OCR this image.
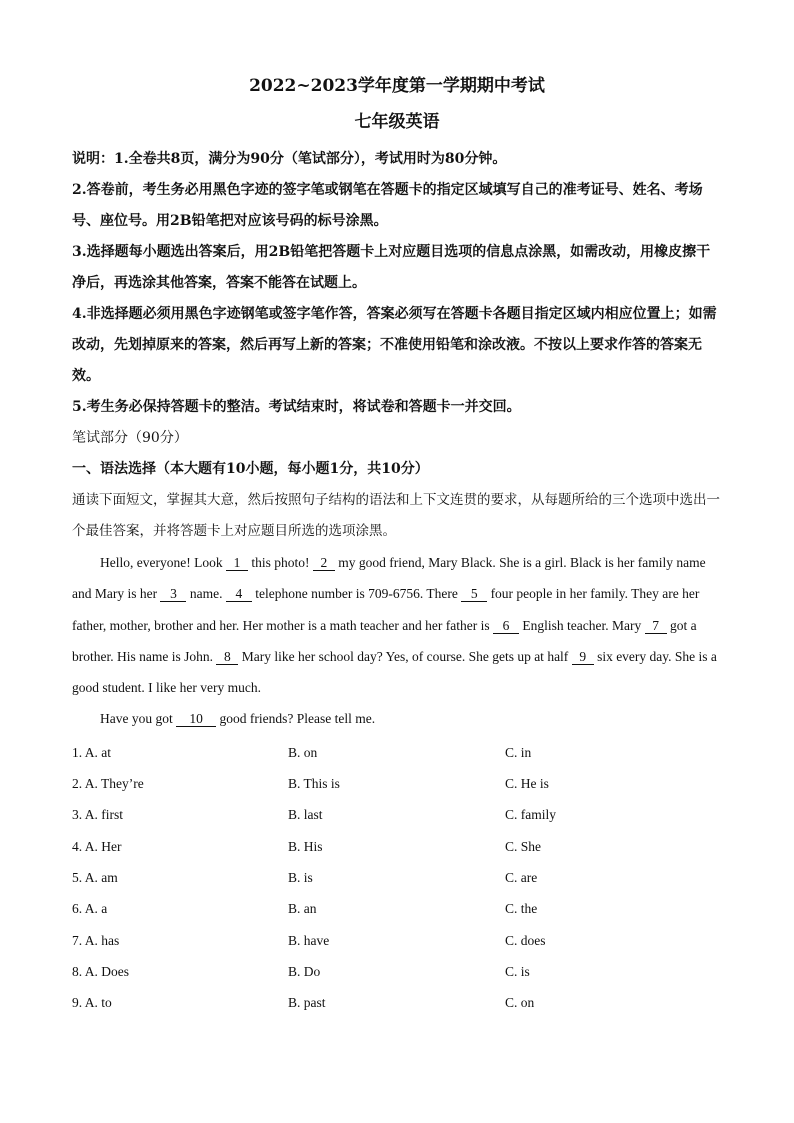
2022~2023学年度第一学期期中考试
七年级英语

说明：1.全卷共8页，满分为90分（笔试部分），考试用时为80分钟。

2.答卷前，考生务必用黑色字迹的签字笔或钢笔在答题卡的指定区域填写自己的准考证号、姓名、考场号、座位号。用2B铅笔把对应该号码的标号涂黑。

3.选择题每小题选出答案后，用2B铅笔把答题卡上对应题目选项的信息点涂黑，如需改动，用橡皮擦干净后，再选涂其他答案，答案不能答在试题上。

4.非选择题必须用黑色字迹钢笔或签字笔作答，答案必须写在答题卡各题目指定区域内相应位置上；如需改动，先划掉原来的答案，然后再写上新的答案；不准使用铅笔和涂改液。不按以上要求作答的答案无效。

5.考生务必保持答题卡的整洁。考试结束时，将试卷和答题卡一并交回。

笔试部分（90分）

一、语法选择（本大题有10小题，每小题1分，共10分）

通读下面短文，掌握其大意，然后按照句子结构的语法和上下文连贯的要求，从每题所给的三个选项中选出一个最佳答案，并将答题卡上对应题目所选的选项涂黑。

Hello, everyone! Look 1 this photo! 2 my good friend, Mary Black. She is a girl. Black is her family name and Mary is her 3 name. 4 telephone number is 709-6756. There 5 four people in her family. They are her father, mother, brother and her. Her mother is a math teacher and her father is 6 English teacher. Mary 7 got a brother. His name is John. 8 Mary like her school day? Yes, of course. She gets up at half 9 six every day. She is a good student. I like her very much.

Have you got 10 good friends? Please tell me.

1. A. at	B. on	C. in
2. A. They’re	B. This is	C. He is
3. A. first	B. last	C. family
4. A. Her	B. His	C. She
5. A. am	B. is	C. are
6. A. a	B. an	C. the
7. A. has	B. have	C. does
8. A. Does	B. Do	C. is
9. A. to	B. past	C. on
